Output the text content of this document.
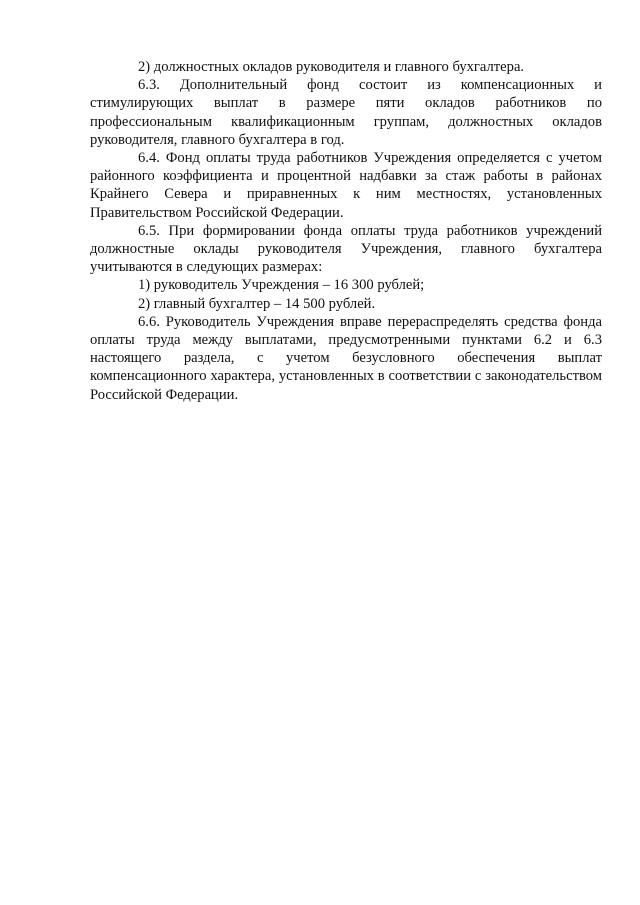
2) должностных окладов руководителя и главного бухгалтера.

6.3. Дополнительный фонд состоит из компенсационных и стимулирующих выплат в размере пяти окладов работников по профессиональным квалификационным группам, должностных окладов руководителя, главного бухгалтера в год.

6.4. Фонд оплаты труда работников Учреждения определяется с учетом районного коэффициента и процентной надбавки за стаж работы в районах Крайнего Севера и приравненных к ним местностях, установленных Правительством Российской Федерации.

6.5. При формировании фонда оплаты труда работников учреждений должностные оклады руководителя Учреждения, главного бухгалтера учитываются в следующих размерах:

1) руководитель Учреждения – 16 300 рублей;

2) главный бухгалтер – 14 500 рублей.

6.6. Руководитель Учреждения вправе перераспределять средства фонда оплаты труда между выплатами, предусмотренными пунктами 6.2 и 6.3 настоящего раздела, с учетом безусловного обеспечения выплат компенсационного характера, установленных в соответствии с законодательством Российской Федерации.
